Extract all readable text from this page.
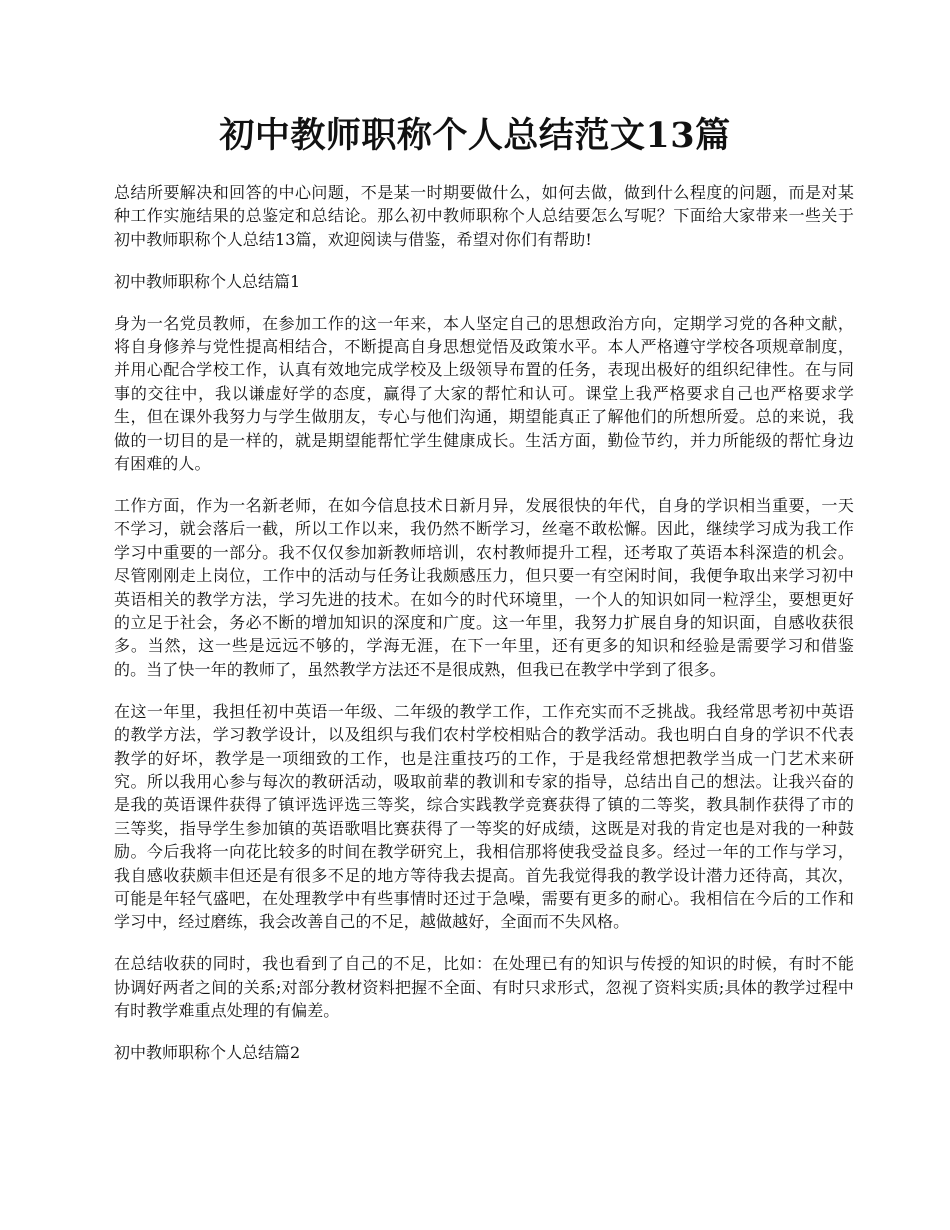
初中教师职称个人总结范文13篇

总结所要解决和回答的中心问题，不是某一时期要做什么，如何去做，做到什么程度的问题，而是对某种工作实施结果的总鉴定和总结论。那么初中教师职称个人总结要怎么写呢？下面给大家带来一些关于初中教师职称个人总结13篇，欢迎阅读与借鉴，希望对你们有帮助!

初中教师职称个人总结篇1

身为一名党员教师，在参加工作的这一年来，本人坚定自己的思想政治方向，定期学习党的各种文献，将自身修养与党性提高相结合，不断提高自身思想觉悟及政策水平。本人严格遵守学校各项规章制度，并用心配合学校工作，认真有效地完成学校及上级领导布置的任务，表现出极好的组织纪律性。在与同事的交往中，我以谦虚好学的态度，赢得了大家的帮忙和认可。课堂上我严格要求自己也严格要求学生，但在课外我努力与学生做朋友，专心与他们沟通，期望能真正了解他们的所想所爱。总的来说，我做的一切目的是一样的，就是期望能帮忙学生健康成长。生活方面，勤俭节约，并力所能级的帮忙身边有困难的人。

工作方面，作为一名新老师，在如今信息技术日新月异，发展很快的年代，自身的学识相当重要，一天不学习，就会落后一截，所以工作以来，我仍然不断学习，丝毫不敢松懈。因此，继续学习成为我工作学习中重要的一部分。我不仅仅参加新教师培训，农村教师提升工程，还考取了英语本科深造的机会。尽管刚刚走上岗位，工作中的活动与任务让我颇感压力，但只要一有空闲时间，我便争取出来学习初中英语相关的教学方法，学习先进的技术。在如今的时代环境里，一个人的知识如同一粒浮尘，要想更好的立足于社会，务必不断的增加知识的深度和广度。这一年里，我努力扩展自身的知识面，自感收获很多。当然，这一些是远远不够的，学海无涯，在下一年里，还有更多的知识和经验是需要学习和借鉴的。当了快一年的教师了，虽然教学方法还不是很成熟，但我已在教学中学到了很多。

在这一年里，我担任初中英语一年级、二年级的教学工作，工作充实而不乏挑战。我经常思考初中英语的教学方法，学习教学设计，以及组织与我们农村学校相贴合的教学活动。我也明白自身的学识不代表教学的好坏，教学是一项细致的工作，也是注重技巧的工作，于是我经常想把教学当成一门艺术来研究。所以我用心参与每次的教研活动，吸取前辈的教训和专家的指导，总结出自己的想法。让我兴奋的是我的英语课件获得了镇评选评选三等奖，综合实践教学竞赛获得了镇的二等奖，教具制作获得了市的三等奖，指导学生参加镇的英语歌唱比赛获得了一等奖的好成绩，这既是对我的肯定也是对我的一种鼓励。今后我将一向花比较多的时间在教学研究上，我相信那将使我受益良多。经过一年的工作与学习，我自感收获颇丰但还是有很多不足的地方等待我去提高。首先我觉得我的教学设计潜力还待高，其次，可能是年轻气盛吧，在处理教学中有些事情时还过于急噪，需要有更多的耐心。我相信在今后的工作和学习中，经过磨练，我会改善自己的不足，越做越好，全面而不失风格。

在总结收获的同时，我也看到了自己的不足，比如：在处理已有的知识与传授的知识的时候，有时不能协调好两者之间的关系;对部分教材资料把握不全面、有时只求形式，忽视了资料实质;具体的教学过程中有时教学难重点处理的有偏差。

初中教师职称个人总结篇2
